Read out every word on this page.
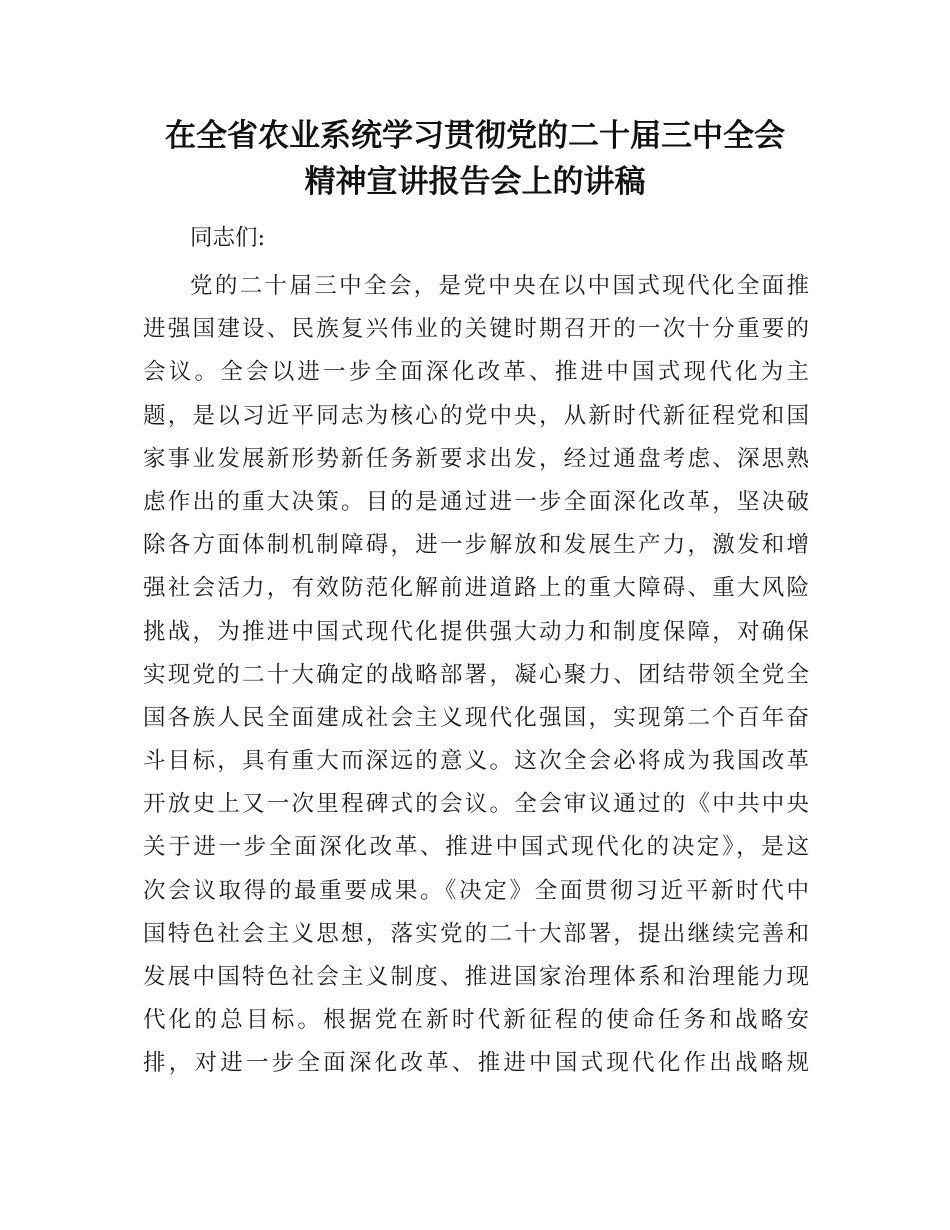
在全省农业系统学习贯彻党的二十届三中全会
精神宣讲报告会上的讲稿

同志们:

党的二十届三中全会，是党中央在以中国式现代化全面推
进强国建设、民族复兴伟业的关键时期召开的一次十分重要的
会议。全会以进一步全面深化改革、推进中国式现代化为主
题，是以习近平同志为核心的党中央，从新时代新征程党和国
家事业发展新形势新任务新要求出发，经过通盘考虑、深思熟
虑作出的重大决策。目的是通过进一步全面深化改革，坚决破
除各方面体制机制障碍，进一步解放和发展生产力，激发和增
强社会活力，有效防范化解前进道路上的重大障碍、重大风险
挑战，为推进中国式现代化提供强大动力和制度保障，对确保
实现党的二十大确定的战略部署，凝心聚力、团结带领全党全
国各族人民全面建成社会主义现代化强国，实现第二个百年奋
斗目标，具有重大而深远的意义。这次全会必将成为我国改革
开放史上又一次里程碑式的会议。全会审议通过的《中共中央
关于进一步全面深化改革、推进中国式现代化的决定》，是这
次会议取得的最重要成果。《决定》全面贯彻习近平新时代中
国特色社会主义思想，落实党的二十大部署，提出继续完善和
发展中国特色社会主义制度、推进国家治理体系和治理能力现
代化的总目标。根据党在新时代新征程的使命任务和战略安
排，对进一步全面深化改革、推进中国式现代化作出战略规
